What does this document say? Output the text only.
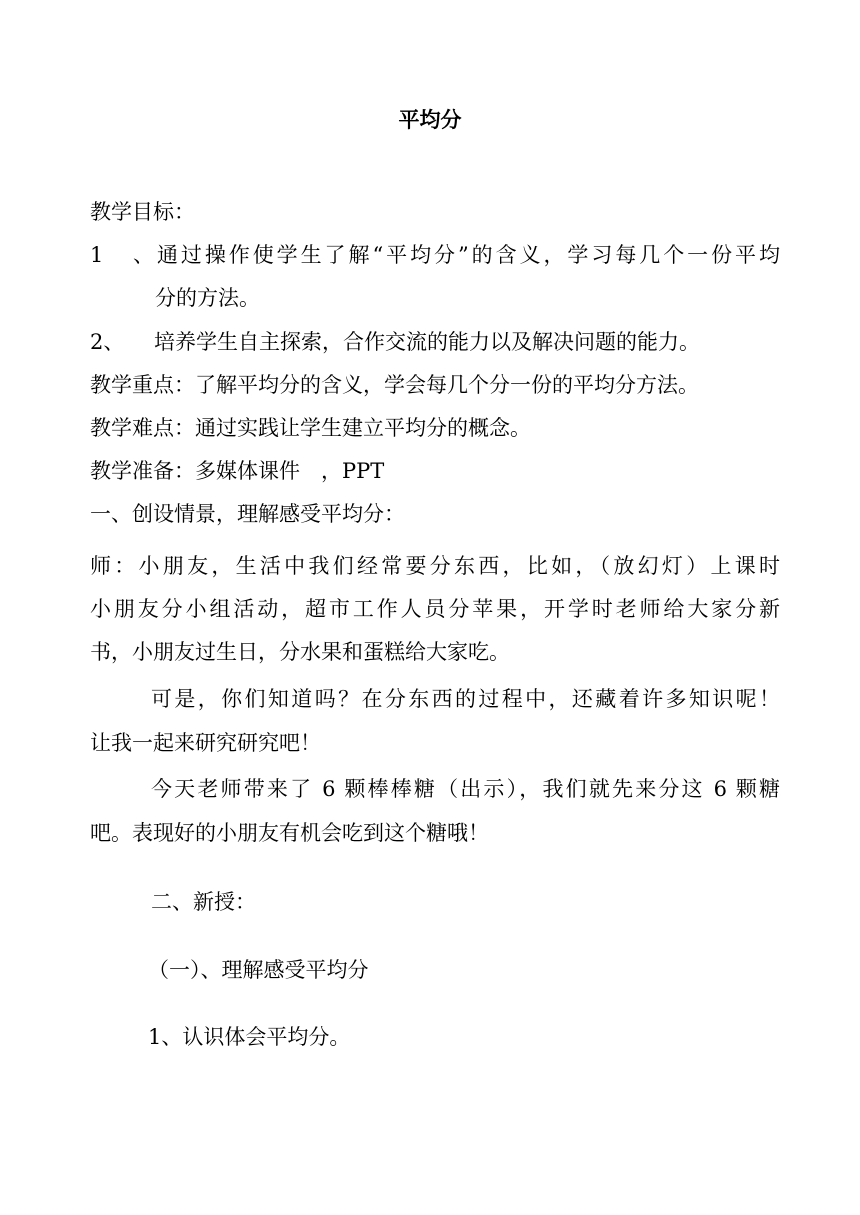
平均分

教学目标：

1、通过操作使学生了解“平均分”的含义，学习每几个一份平均

分的方法。

2、 培养学生自主探索，合作交流的能力以及解决问题的能力。

教学重点：了解平均分的含义，学会每几个分一份的平均分方法。

教学难点：通过实践让学生建立平均分的概念。

教学准备：多媒体课件　，PPT

一、创设情景，理解感受平均分：

师：小朋友，生活中我们经常要分东西，比如，（放幻灯）上课时

小朋友分小组活动，超市工作人员分苹果，开学时老师给大家分新

书，小朋友过生日，分水果和蛋糕给大家吃。

可是，你们知道吗？在分东西的过程中，还藏着许多知识呢！

让我一起来研究研究吧！

今天老师带来了 6 颗棒棒糖（出示），我们就先来分这 6 颗糖

吧。表现好的小朋友有机会吃到这个糖哦！

二、新授：

（一）、理解感受平均分

1、认识体会平均分。
